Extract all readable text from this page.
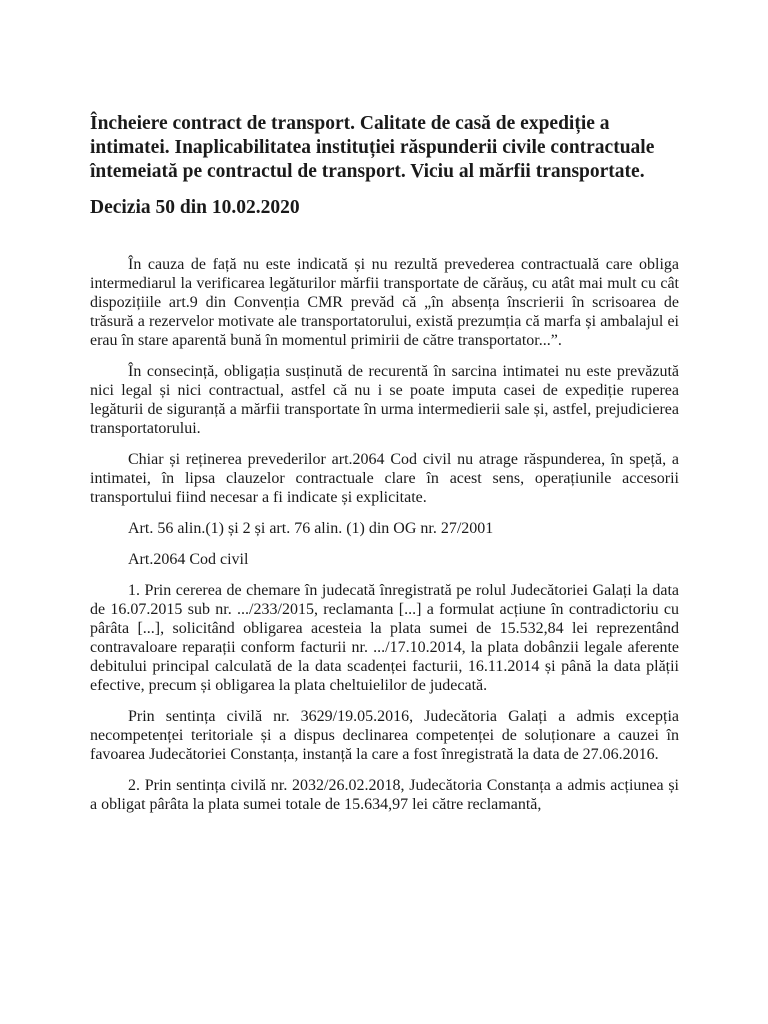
Încheiere contract de transport. Calitate de casă de expediție a intimatei. Inaplicabilitatea instituției răspunderii civile contractuale întemeiată pe contractul de transport. Viciu al mărfii transportate.

Decizia 50 din 10.02.2020

În cauza de față nu este indicată și nu rezultă prevederea contractuală care obliga intermediarul la verificarea legăturilor mărfii transportate de cărăuș, cu atât mai mult cu cât dispozițiile art.9 din Convenția CMR prevăd că „în absența înscrierii în scrisoarea de trăsură a rezervelor motivate ale transportatorului, există prezumția că marfa și ambalajul ei erau în stare aparentă bună în momentul primirii de către transportator...”.

În consecință, obligația susținută de recurentă în sarcina intimatei nu este prevăzută nici legal și nici contractual, astfel că nu i se poate imputa casei de expediție ruperea legăturii de siguranță a mărfii transportate în urma intermedierii sale și, astfel, prejudicierea transportatorului.

Chiar și reținerea prevederilor art.2064 Cod civil nu atrage răspunderea, în speță, a intimatei, în lipsa clauzelor contractuale clare în acest sens, operațiunile accesorii transportului fiind necesar a fi indicate și explicitate.

Art. 56 alin.(1) și 2 și art. 76 alin. (1) din OG nr. 27/2001

Art.2064 Cod civil

1. Prin cererea de chemare în judecată înregistrată pe rolul Judecătoriei Galați la data de 16.07.2015 sub nr. .../233/2015, reclamanta [...] a formulat acțiune în contradictoriu cu pârâta [...], solicitând obligarea acesteia la plata sumei de 15.532,84 lei reprezentând contravaloare reparații conform facturii nr. .../17.10.2014, la plata dobânzii legale aferente debitului principal calculată de la data scadenței facturii, 16.11.2014 și până la data plății efective, precum și obligarea la plata cheltuielilor de judecată.

Prin sentința civilă nr. 3629/19.05.2016, Judecătoria Galați a admis excepția necompetenței teritoriale și a dispus declinarea competenței de soluționare a cauzei în favoarea Judecătoriei Constanța, instanță la care a fost înregistrată la data de 27.06.2016.

2. Prin sentința civilă nr. 2032/26.02.2018, Judecătoria Constanța a admis acțiunea și a obligat pârâta la plata sumei totale de 15.634,97 lei către reclamantă,
